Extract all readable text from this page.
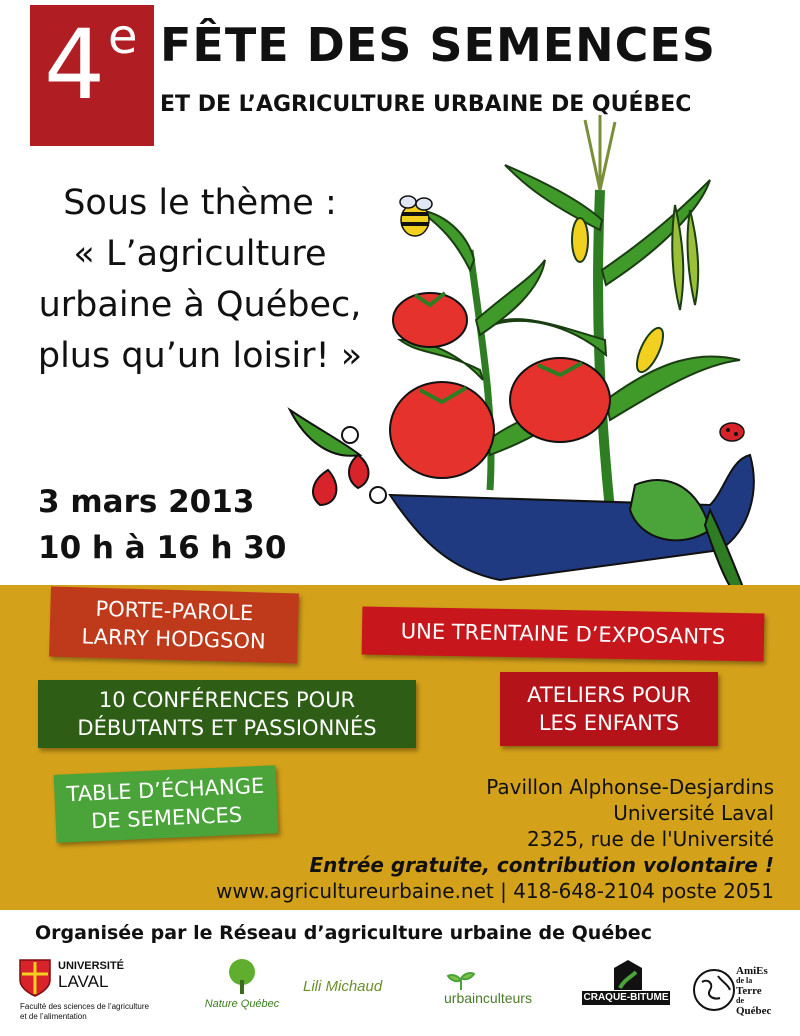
4 e FÊTE DES SEMENCES
ET DE L’AGRICULTURE URBAINE DE QUÉBEC
Sous le thème :
« L’agriculture
urbaine à Québec,
plus qu’un loisir! »
3 mars 2013
10 h à 16 h 30
PORTE-PAROLE
LARRY HODGSON	UNE TRENTAINE D’EXPOSANTS
10 CONFÉRENCES POUR
DÉBUTANTS ET PASSIONNÉS
ATELIERS POUR
LES ENFANTS
TABLE D’ÉCHANGE
DE SEMENCES
Pavillon Alphonse-Desjardins
Université Laval
2325, rue de l'Université
Entrée gratuite, contribution volontaire !
www.agricultureurbaine.net | 418-648-2104 poste 2051
Organisée par le Réseau d’agriculture urbaine de Québec
UNIVERSITÉ
LAVAL
Faculté des sciences de l’agriculture
et de l’alimentation
Nature Québec
Lili Michaud
urbainculteurs	CRAQUE-BITUME
AmiEs
de la
Terre
de
Québec
